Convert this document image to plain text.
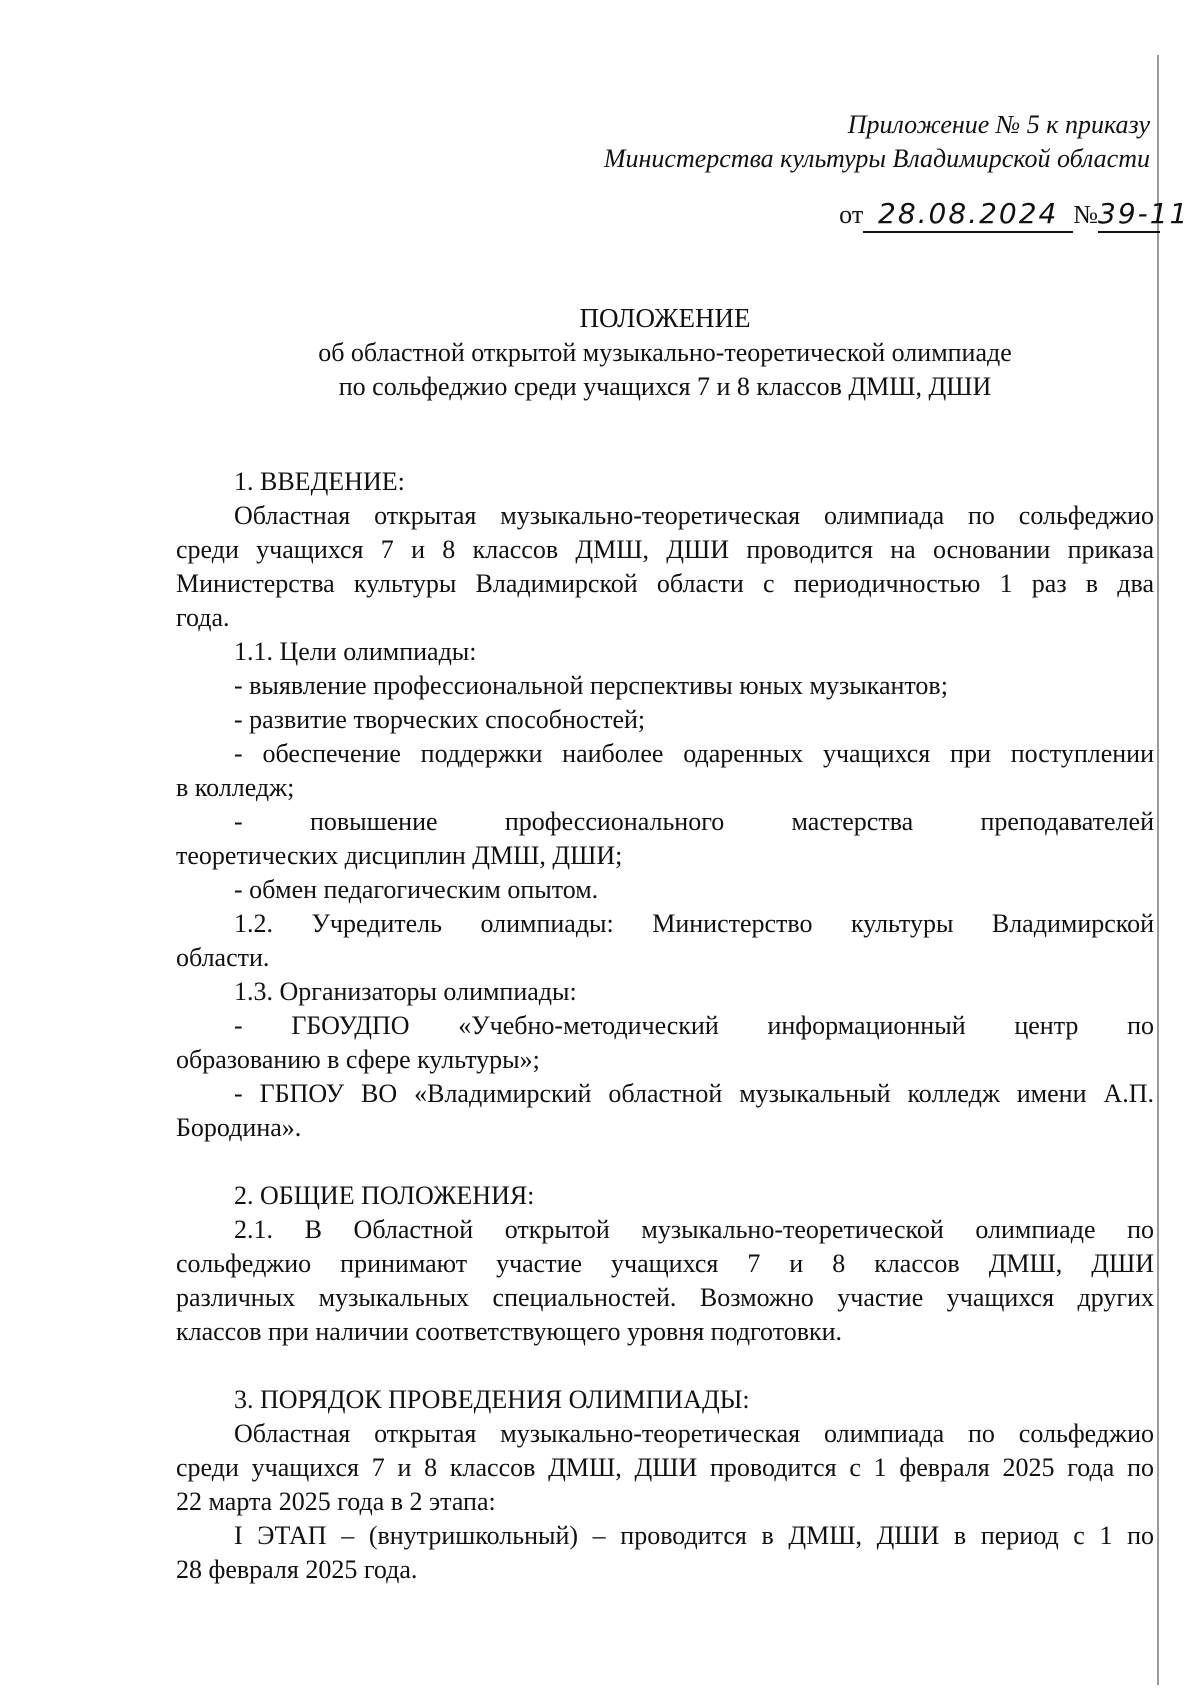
Приложение № 5 к приказу
Министерства культуры Владимирской области
от 28.08.2024 №39-11
ПОЛОЖЕНИЕ
об областной открытой музыкально-теоретической олимпиаде
по сольфеджио среди учащихся 7 и 8 классов ДМШ, ДШИ
1. ВВЕДЕНИЕ:
Областная открытая музыкально-теоретическая олимпиада по сольфеджио
среди учащихся 7 и 8 классов ДМШ, ДШИ проводится на основании приказа
Министерства культуры Владимирской области с периодичностью 1 раз в два
года.
1.1. Цели олимпиады:
- выявление профессиональной перспективы юных музыкантов;
- развитие творческих способностей;
- обеспечение поддержки наиболее одаренных учащихся при поступлении
в колледж;
- повышение профессионального мастерства преподавателей
теоретических дисциплин ДМШ, ДШИ;
- обмен педагогическим опытом.
1.2. Учредитель олимпиады: Министерство культуры Владимирской
области.
1.3. Организаторы олимпиады:
- ГБОУДПО «Учебно-методический информационный центр по
образованию в сфере культуры»;
- ГБПОУ ВО «Владимирский областной музыкальный колледж имени А.П.
Бородина».
2. ОБЩИЕ ПОЛОЖЕНИЯ:
2.1. В Областной открытой музыкально-теоретической олимпиаде по
сольфеджио принимают участие учащихся 7 и 8 классов ДМШ, ДШИ
различных музыкальных специальностей. Возможно участие учащихся других
классов при наличии соответствующего уровня подготовки.
3. ПОРЯДОК ПРОВЕДЕНИЯ ОЛИМПИАДЫ:
Областная открытая музыкально-теоретическая олимпиада по сольфеджио
среди учащихся 7 и 8 классов ДМШ, ДШИ проводится с 1 февраля 2025 года по
22 марта 2025 года в 2 этапа:
I ЭТАП – (внутришкольный) – проводится в ДМШ, ДШИ в период с 1 по
28 февраля 2025 года.
